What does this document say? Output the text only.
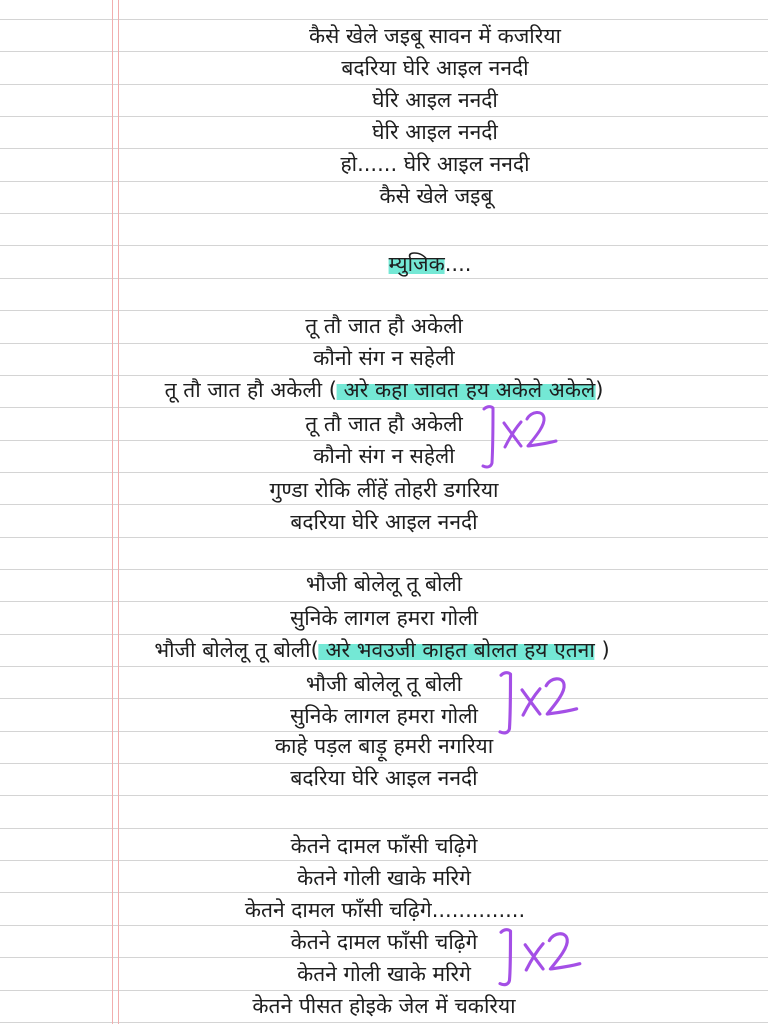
कैसे खेले जइबू सावन में कजरिया
बदरिया घेरि आइल ननदी
घेरि आइल ननदी
घेरि आइल ननदी
हो...... घेरि आइल ननदी
कैसे खेले जइबू
म्युजिक....
तू तौ जात हौ अकेली
कौनो संग न सहेली
तू तौ जात हौ अकेली ( अरे कहा जावत हय अकेले अकेले)
तू तौ जात हौ अकेली
कौनो संग न सहेली
गुण्डा रोकि लींहें तोहरी डगरिया
बदरिया घेरि आइल ननदी
भौजी बोलेलू तू बोली
सुनिके लागल हमरा गोली
भौजी बोलेलू तू बोली( अरे भवउजी काहत बोलत हय एतना )
भौजी बोलेलू तू बोली
सुनिके लागल हमरा गोली
काहे पड़ल बाड़ू हमरी नगरिया
बदरिया घेरि आइल ननदी
केतने दामल फाँसी चढ़िगे
केतने गोली खाके मरिगे
केतने दामल फाँसी चढ़िगे..............
केतने दामल फाँसी चढ़िगे
केतने गोली खाके मरिगे
केतने पीसत होइके जेल में चकरिया
